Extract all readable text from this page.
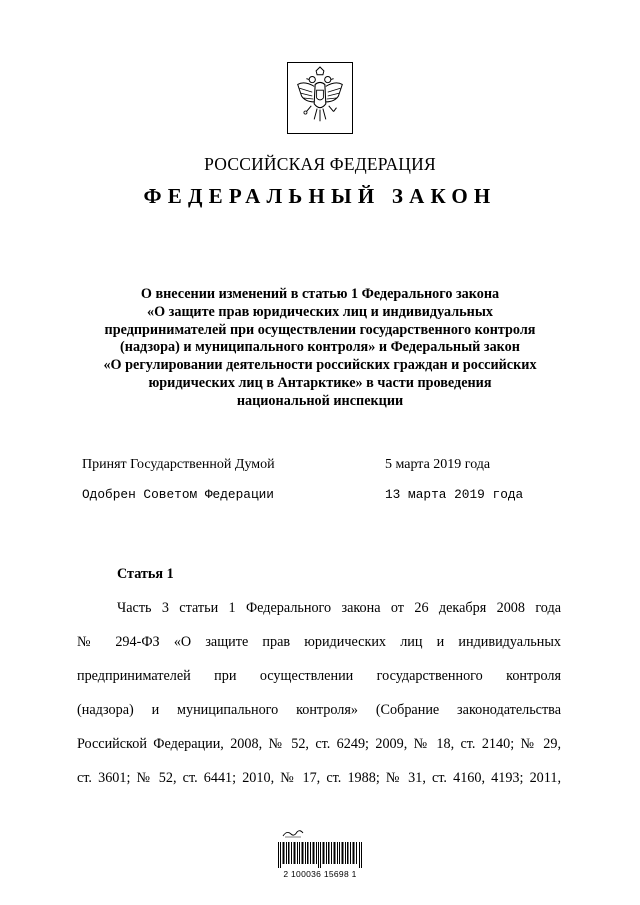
РОССИЙСКАЯ ФЕДЕРАЦИЯ
ФЕДЕРАЛЬНЫЙ ЗАКОН
О внесении изменений в статью 1 Федерального закона
«О защите прав юридических лиц и индивидуальных
предпринимателей при осуществлении государственного контроля
(надзора) и муниципального контроля» и Федеральный закон
«О регулировании деятельности российских граждан и российских
юридических лиц в Антарктике» в части проведения
национальной инспекции
Принят Государственной Думой	5 марта 2019 года
Одобрен Советом Федерации	13 марта 2019 года
Статья 1
Часть 3 статьи 1 Федерального закона от 26 декабря 2008 года
№ 294-ФЗ «О защите прав юридических лиц и индивидуальных
предпринимателей при осуществлении государственного контроля
(надзора) и муниципального контроля» (Собрание законодательства
Российской Федерации, 2008, № 52, ст. 6249; 2009, № 18, ст. 2140; № 29,
ст. 3601; № 52, ст. 6441; 2010, № 17, ст. 1988; № 31, ст. 4160, 4193; 2011,
2 100036 15698 1
